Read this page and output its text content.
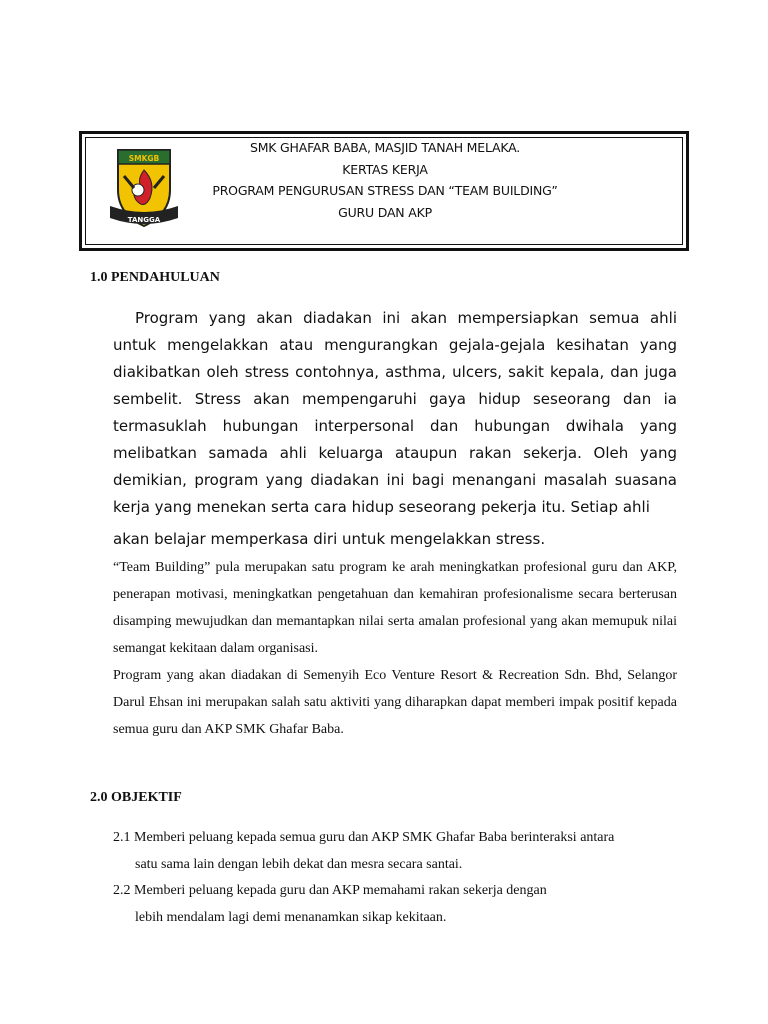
SMKGB
TANGGA
SMK GHAFAR BABA, MASJID TANAH MELAKA.
KERTAS KERJA
PROGRAM PENGURUSAN STRESS DAN “TEAM BUILDING”
GURU DAN AKP
1.0 PENDAHULUAN
Program yang akan diadakan ini akan mempersiapkan semua ahli untuk mengelakkan atau mengurangkan gejala-gejala kesihatan yang diakibatkan oleh stress contohnya, asthma, ulcers, sakit kepala, dan juga sembelit. Stress akan mempengaruhi gaya hidup seseorang dan ia termasuklah hubungan interpersonal dan hubungan dwihala yang melibatkan samada ahli keluarga ataupun rakan sekerja. Oleh yang demikian, program yang diadakan ini bagi menangani masalah suasana kerja yang menekan serta cara hidup seseorang pekerja itu. Setiap ahli
akan belajar memperkasa diri untuk mengelakkan stress.
“Team Building” pula merupakan satu program ke arah meningkatkan profesional guru dan AKP, penerapan motivasi, meningkatkan pengetahuan dan kemahiran profesionalisme secara berterusan disamping mewujudkan dan memantapkan nilai serta amalan profesional yang akan memupuk nilai semangat kekitaan dalam organisasi.
Program yang akan diadakan di Semenyih Eco Venture Resort & Recreation Sdn. Bhd, Selangor Darul Ehsan ini merupakan salah satu aktiviti yang diharapkan dapat memberi impak positif kepada semua guru dan AKP SMK Ghafar Baba.
2.0 OBJEKTIF
2.1 Memberi peluang kepada semua guru dan AKP SMK Ghafar Baba berinteraksi antara
satu sama lain dengan lebih dekat dan mesra secara santai.
2.2 Memberi peluang kepada guru dan AKP memahami rakan sekerja dengan
lebih mendalam lagi demi menanamkan sikap kekitaan.
